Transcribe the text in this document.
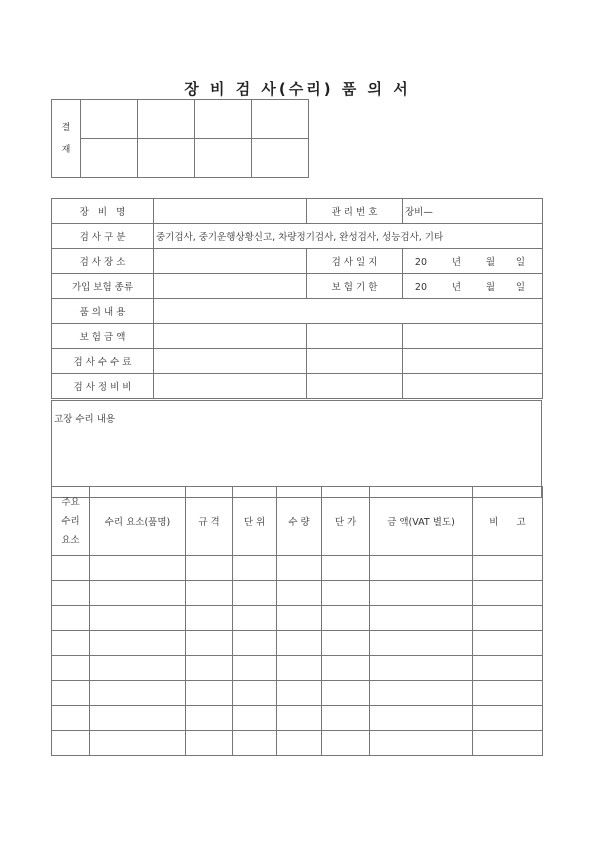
장 비 검 사(수리) 품 의 서
결
재				

장   비   명		관 리 번 호	장비—
검 사 구 분	중기검사, 중기운행상황신고, 차량정기검사, 완성검사, 성능검사, 기타		
검 사 장 소		검 사 일 지	20 년 월 일
가입 보험 종류		보 험 기 한	20 년 월 일
품 의 내 용			
보 험 금 액			
검 사 수 수 료			
검 사 정 비 비			
고장 수리 내용
주요
수리
요소	수리 요소(품명)	규 격	단 위	수 량	단 가	금 액(VAT 별도)	비      고
